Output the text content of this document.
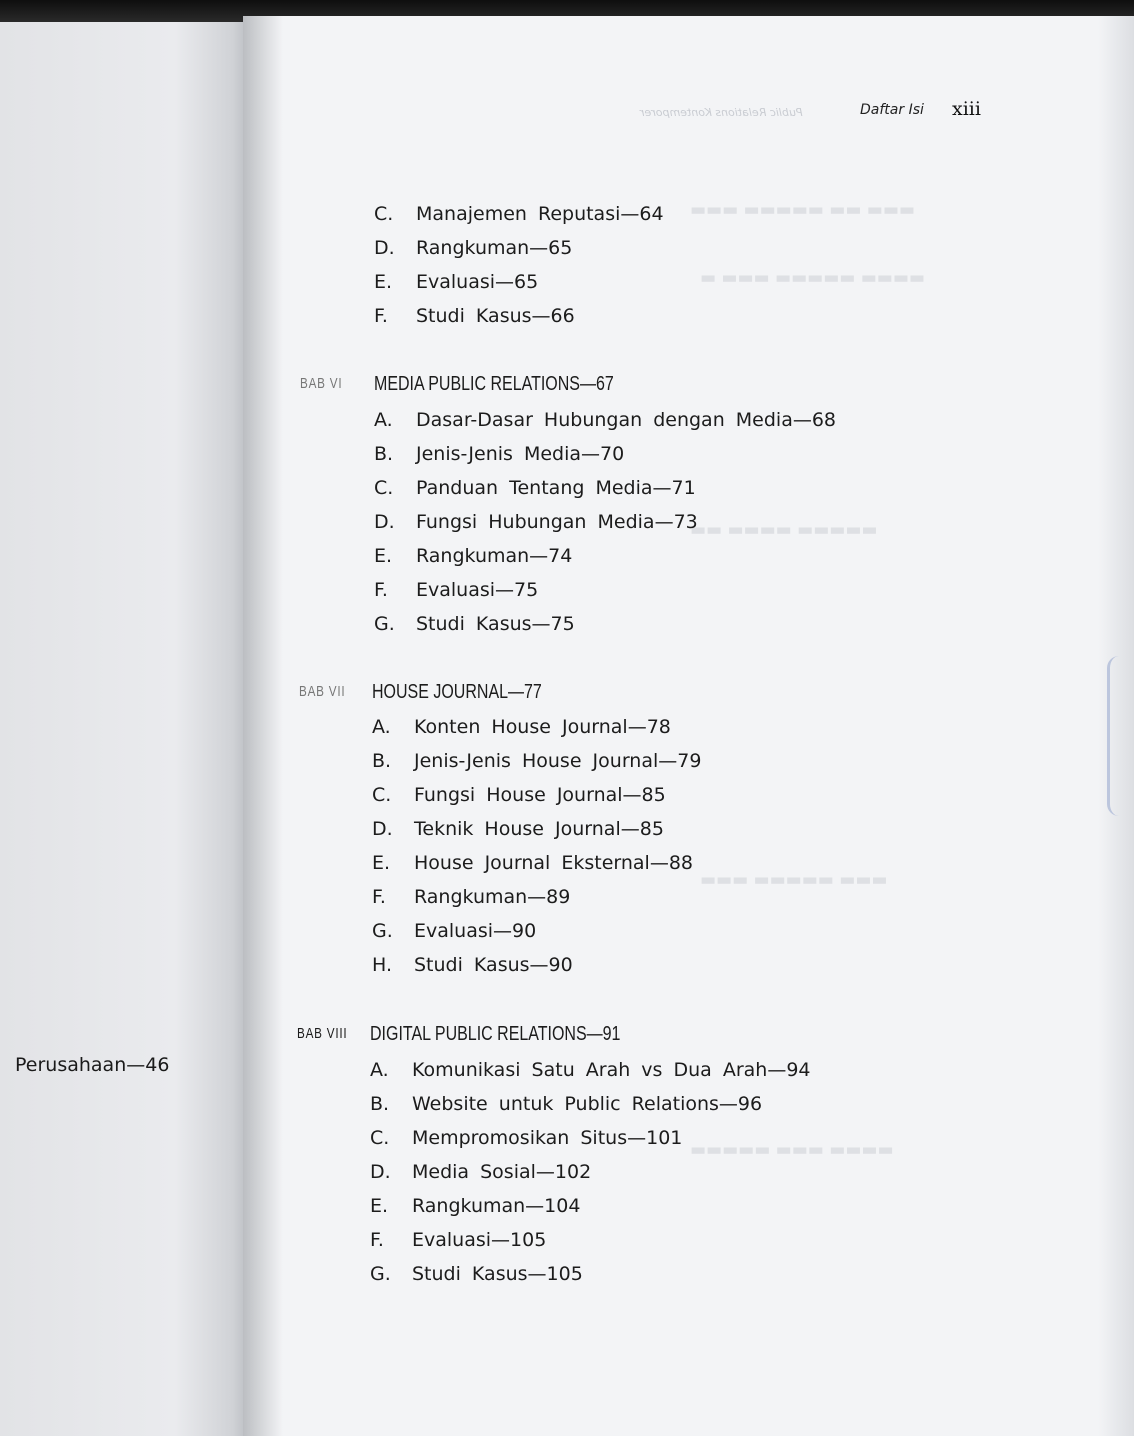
▬▬▬ ▬▬ ▬▬▬▬▬ ▬▬▬
▬▬▬▬ ▬▬▬▬▬ ▬▬▬ ▬
▬▬▬▬▬ ▬▬▬▬ ▬▬
▬▬▬ ▬▬▬▬▬ ▬▬▬
▬▬▬▬ ▬▬▬ ▬▬▬▬▬
Public Relations Kontemporer	Daftar Isi xiii
Perusahaan—46
C. Manajemen Reputasi—64
D. Rangkuman—65
E. Evaluasi—65
F. Studi Kasus—66
BAB VI MEDIA PUBLIC RELATIONS—67
A. Dasar-Dasar Hubungan dengan Media—68
B. Jenis-Jenis Media—70
C. Panduan Tentang Media—71
D. Fungsi Hubungan Media—73
E. Rangkuman—74
F. Evaluasi—75
G. Studi Kasus—75
BAB VII HOUSE JOURNAL—77
A. Konten House Journal—78
B. Jenis-Jenis House Journal—79
C. Fungsi House Journal—85
D. Teknik House Journal—85
E. House Journal Eksternal—88
F. Rangkuman—89
G. Evaluasi—90
H. Studi Kasus—90
BAB VIII DIGITAL PUBLIC RELATIONS—91
A. Komunikasi Satu Arah vs Dua Arah—94
B. Website untuk Public Relations—96
C. Mempromosikan Situs—101
D. Media Sosial—102
E. Rangkuman—104
F. Evaluasi—105
G. Studi Kasus—105
